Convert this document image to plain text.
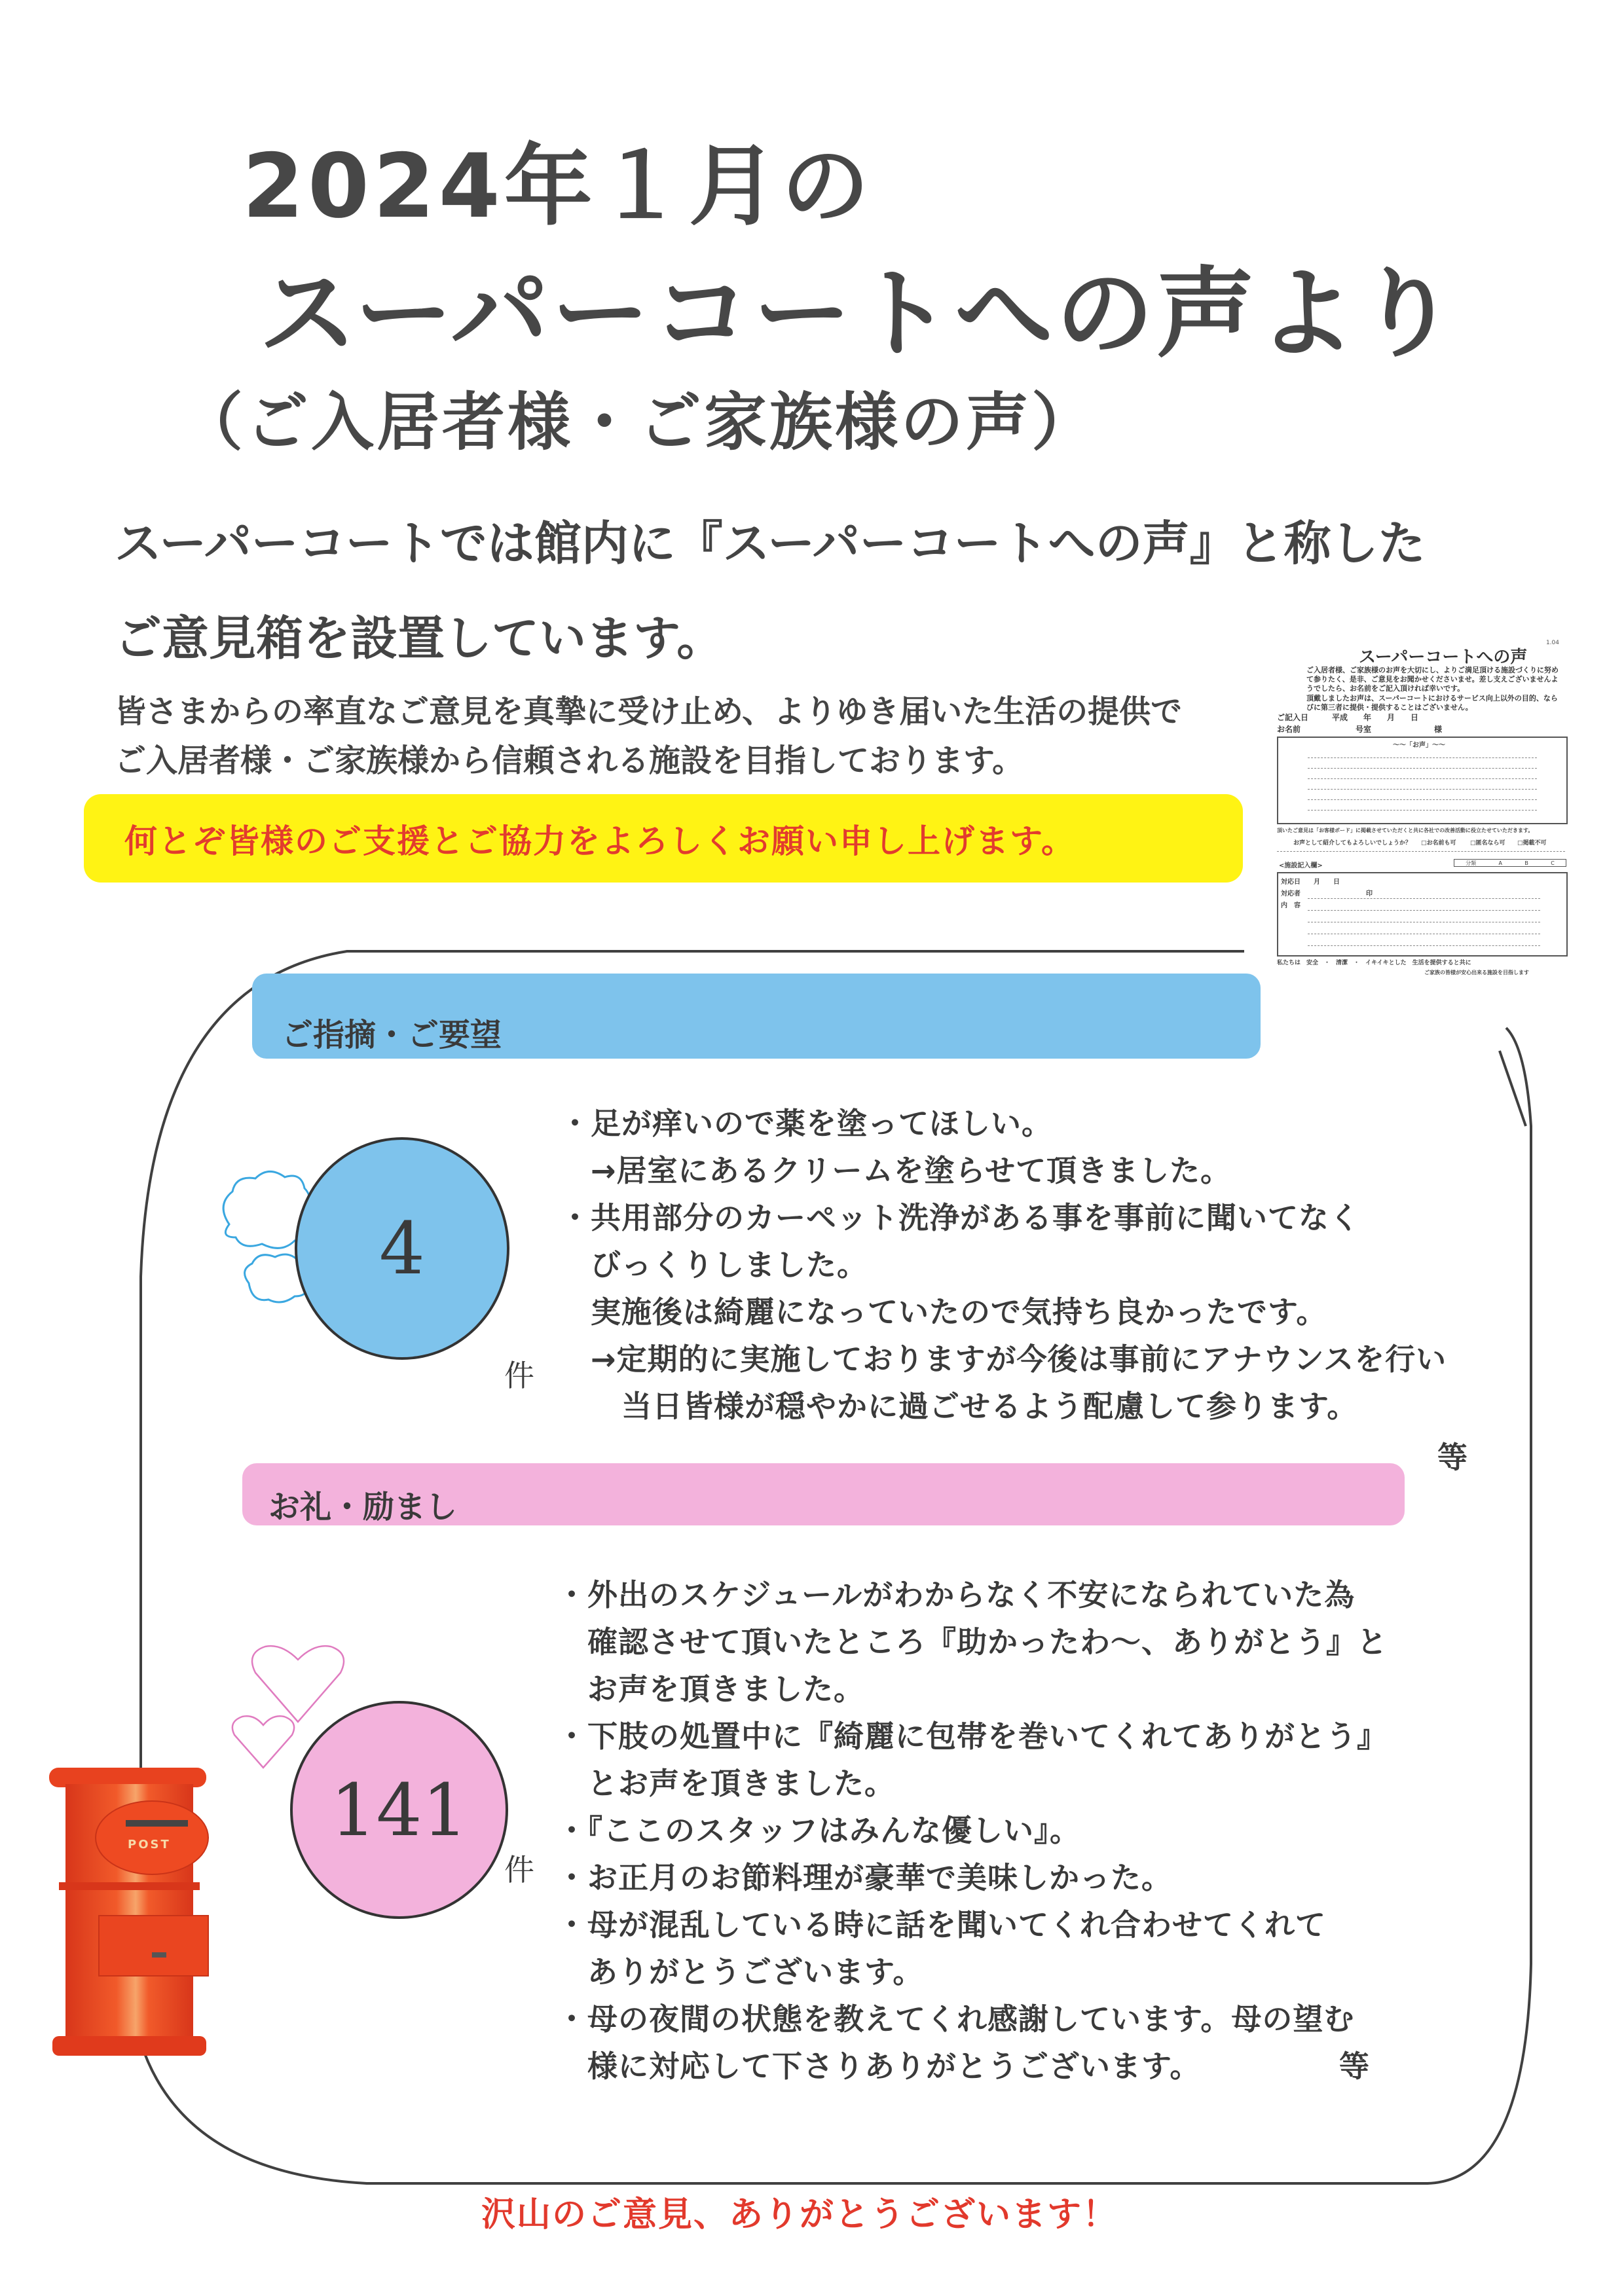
2024年１月の
スーパーコートへの声より
（ご入居者様・ご家族様の声）
スーパーコートでは館内に『スーパーコートへの声』と称した
ご意見箱を設置しています。
皆さまからの率直なご意見を真摯に受け止め、よりゆき届いた生活の提供で
ご入居者様・ご家族様から信頼される施設を目指しております。
何とぞ皆様のご支援とご協力をよろしくお願い申し上げます。
1.04
スーパーコートへの声
ご入居者様、ご家族様のお声を大切にし、よりご満足頂ける施設づくりに努めて参りたく、是非、ご意見をお聞かせくださいませ。差し支えございませんようでしたら、お名前をご記入頂ければ幸いです。
頂戴しましたお声は、スーパーコートにおけるサービス向上以外の目的、ならびに第三者に提供・提供することはございません。
ご記入日　　　平成　　年　　月　　日
お名前　　　　　　　号室　　　　　　　　様
〜〜「お声」〜〜
頂いたご意見は「お客様ボード」に掲載させていただくと共に各社での改善活動に役立たせていただきます。
お声として紹介してもよろしいでしょうか？ □お名前も可 □匿名なら可 □掲載不可
<施設記入欄>	分類	A	B	C
対応日　　月　　日
対応者　　　　　　　　　　印
内　容
私たちは　安全　・　清潔　・　イキイキとした　生活を提供すると共に
ご家族の皆様が安心出来る施設を目指します
ご指摘・ご要望
4
件
・足が痒いので薬を塗ってほしい。
　→居室にあるクリームを塗らせて頂きました。
・共用部分のカーペット洗浄がある事を事前に聞いてなく
　びっくりしました。
　実施後は綺麗になっていたので気持ち良かったです。
　→定期的に実施しておりますが今後は事前にアナウンスを行い
　　当日皆様が穏やかに過ごせるよう配慮して参ります。
等
お礼・励まし
141
件
・外出のスケジュールがわからなく不安になられていた為
　確認させて頂いたところ『助かったわ～、ありがとう』と
　お声を頂きました。
・下肢の処置中に『綺麗に包帯を巻いてくれてありがとう』
　とお声を頂きました。
・『ここのスタッフはみんな優しい』。
・お正月のお節料理が豪華で美味しかった。
・母が混乱している時に話を聞いてくれ合わせてくれて
　ありがとうございます。
・母の夜間の状態を教えてくれ感謝しています。母の望む
　様に対応して下さりありがとうございます。	等
POST
沢山のご意見、ありがとうございます！
